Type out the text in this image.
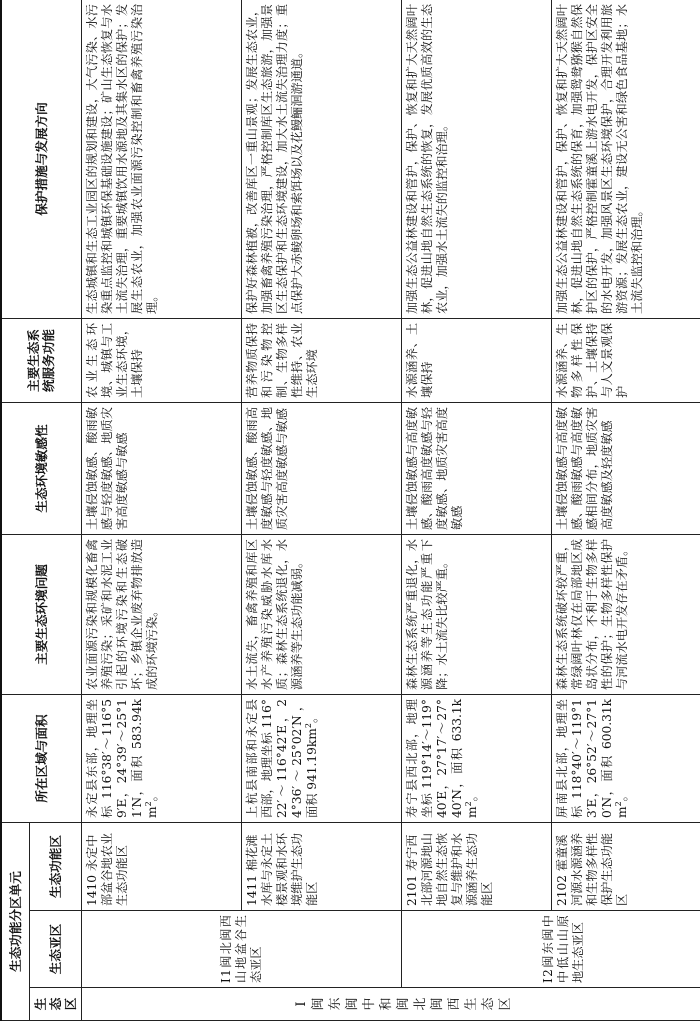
生态功能分区单元			所在区域与面积	主要生态环境问题	生态环境敏感性	主要生态系统服务功能	保护措施与发展方向
生态区	生态亚区	生态功能区					
Ⅰ闽东闽中和闽北闽西生态区	Ⅰ1闽北闽西山地盆谷生态亚区	1410 永定中部盆谷地农业生态功能区	永定县东部，地理坐标 116°38′～116°59′E，24°39′～25°11′N，面积 $583.94km^2$。	农业面源污染和规模化畜禽养殖污染；采矿和水泥工业引起的环境污染和生态破坏；乡镇企业废弃物排放造成的环境污染。	土壤侵蚀敏感、酸雨敏感与轻度敏感、地质灾害高度敏感与敏感	农业生态环境、城镇与工业生态环境，土壤保持	生态城镇和生态工业园区的规划和建设，大气污染、水污染重点监控和城镇环保基础设施建设；矿山生态恢复与水土流失治理，重要城镇饮用水源地及其集水区的保护；发展生态农业，加强农业面源污染控制和畜禽养殖污染治理。
		1411 棉花滩水库与永定土楼景观和水环境维护生态功能区	上杭县南部和永定县西部，地理坐标 116°22′～116°42′E，24°36′～25°02′N，面积 $941.19km^2$。	水土流失，畜禽养殖和库区水产养殖污染威胁水库水质；森林生态系统退化，水源涵养等生态功能减弱。	土壤侵蚀敏感、酸雨高度敏感与轻度敏感、地质灾害高度敏感与敏感	营养物质保持和污染物控制、生物多样性维持、农业生态环境	保护好森林植被，改善库区一重山景观；发展生态农业，加强畜禽养殖污染治理，严格控制库区生态旅游，加强景区生态保护和生态环境建设，加大水土流失治理力度；重点保护大赤鲮卵场和索饵场以及花鳗鲡洄游通道。
	Ⅰ2闽东闽中中低山山原地生态亚区	2101 寿宁西北部河源地山地自然生态恢复与维护和水源涵养生态功能区	寿宁县西北部，地理坐标 119°14′～119°40′E，27°17′～27°40′N，面积 $633.1km^2$。	森林生态系统严重退化，水源涵养等生态功能严重下降；水土流失比较严重。	土壤侵蚀敏感与高度敏感、酸雨高度敏感与轻度敏感、地质灾害高度敏感	水源涵养、土壤保持	加强生态公益林建设和管护，保护、恢复和扩大天然阔叶林，促进山地自然生态系统的恢复，发展优质高效的生态农业，加强水土流失的监控和治理。
		2102 霍童溪河源水源涵养和生物多样性保护生态功能区	屏南县北部，地理坐标 118°40′～119°13′E，26°52′～27°10′N，面积 $600.31km^2$。	森林生态系统破坏较严重，常绿阔叶林仅在局部地区成岛状分布，不利于生物多样性的保护；生物多样性保护与河流水电开发存在矛盾。	土壤侵蚀敏感与高度敏感、酸雨敏感与高度敏感相间分布，地质灾害高度敏感及轻度敏感	水源涵养、生物多样性保护、土壤保持与人文景观保护	加强生态公益林建设和管护，保护、恢复和扩大天然阔叶林，促进山地自然生态系统的保育，加强鸳鸯猕猴自然保护区的保护，严格控制霍童溪上游水电开发，保护区安全的水电开发，加强风景区生态环境保护，合理开发利用旅游资源；发展生态农业，建设无公害和绿色食品基地；水土流失监控和治理。
